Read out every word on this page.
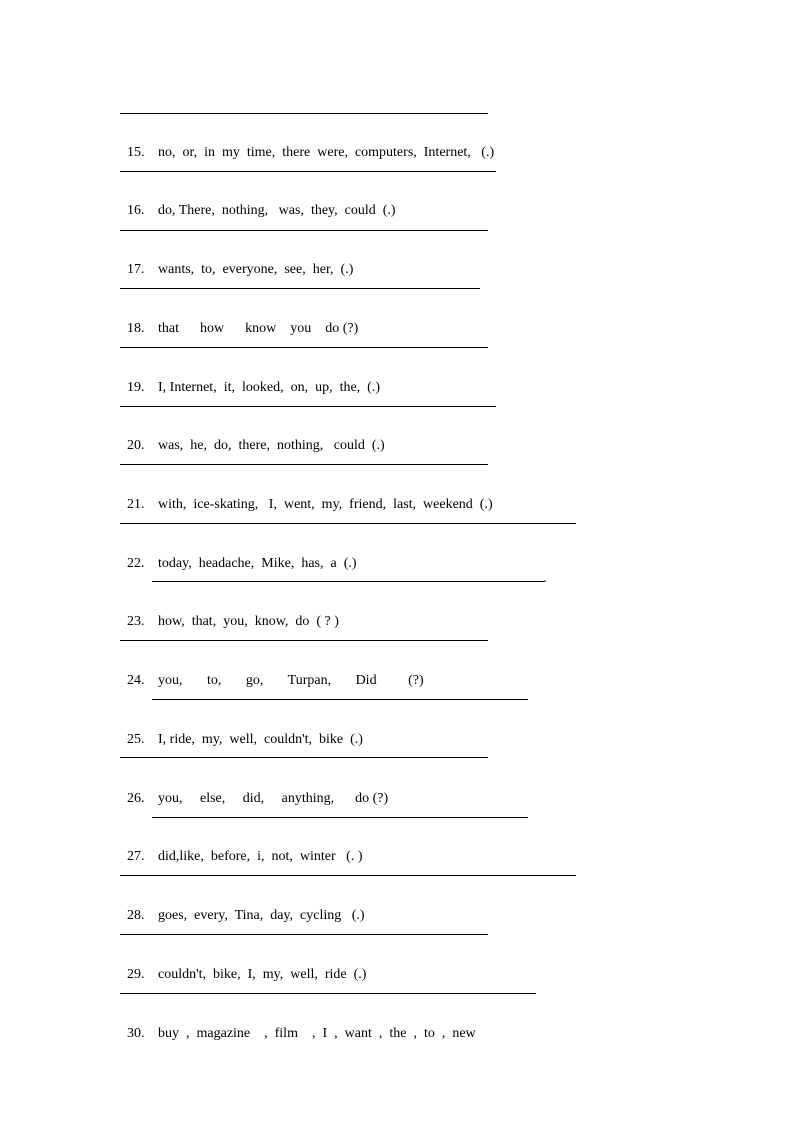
.

15. no,  or,  in  my  time,  there  were,  computers,  Internet,   (.)

16. do, There,  nothing,   was,  they,  could  (.)

17. wants,  to,  everyone,  see,  her,  (.)

18. that      how      know    you    do (?)

19. I, Internet,  it,  looked,  on,  up,  the,  (.)

20. was,  he,  do,  there,  nothing,   could  (.)

21. with,  ice-skating,   I,  went,  my,  friend,  last,  weekend  (.)

22. today,  headache,  Mike,  has,  a  (.)

23. how,  that,  you,  know,  do  ( ? )

24. you,       to,       go,       Turpan,       Did         (?)

25. I, ride,  my,  well,  couldn't,  bike  (.)

26. you,     else,     did,     anything,      do (?)

27. did,like,  before,  i,  not,  winter   (. )

28. goes,  every,  Tina,  day,  cycling   (.)

29. couldn't,  bike,  I,  my,  well,  ride  (.)

30. buy  ,  magazine    ,  film    ,  I  ,  want  ,  the  ,  to  ,  new
